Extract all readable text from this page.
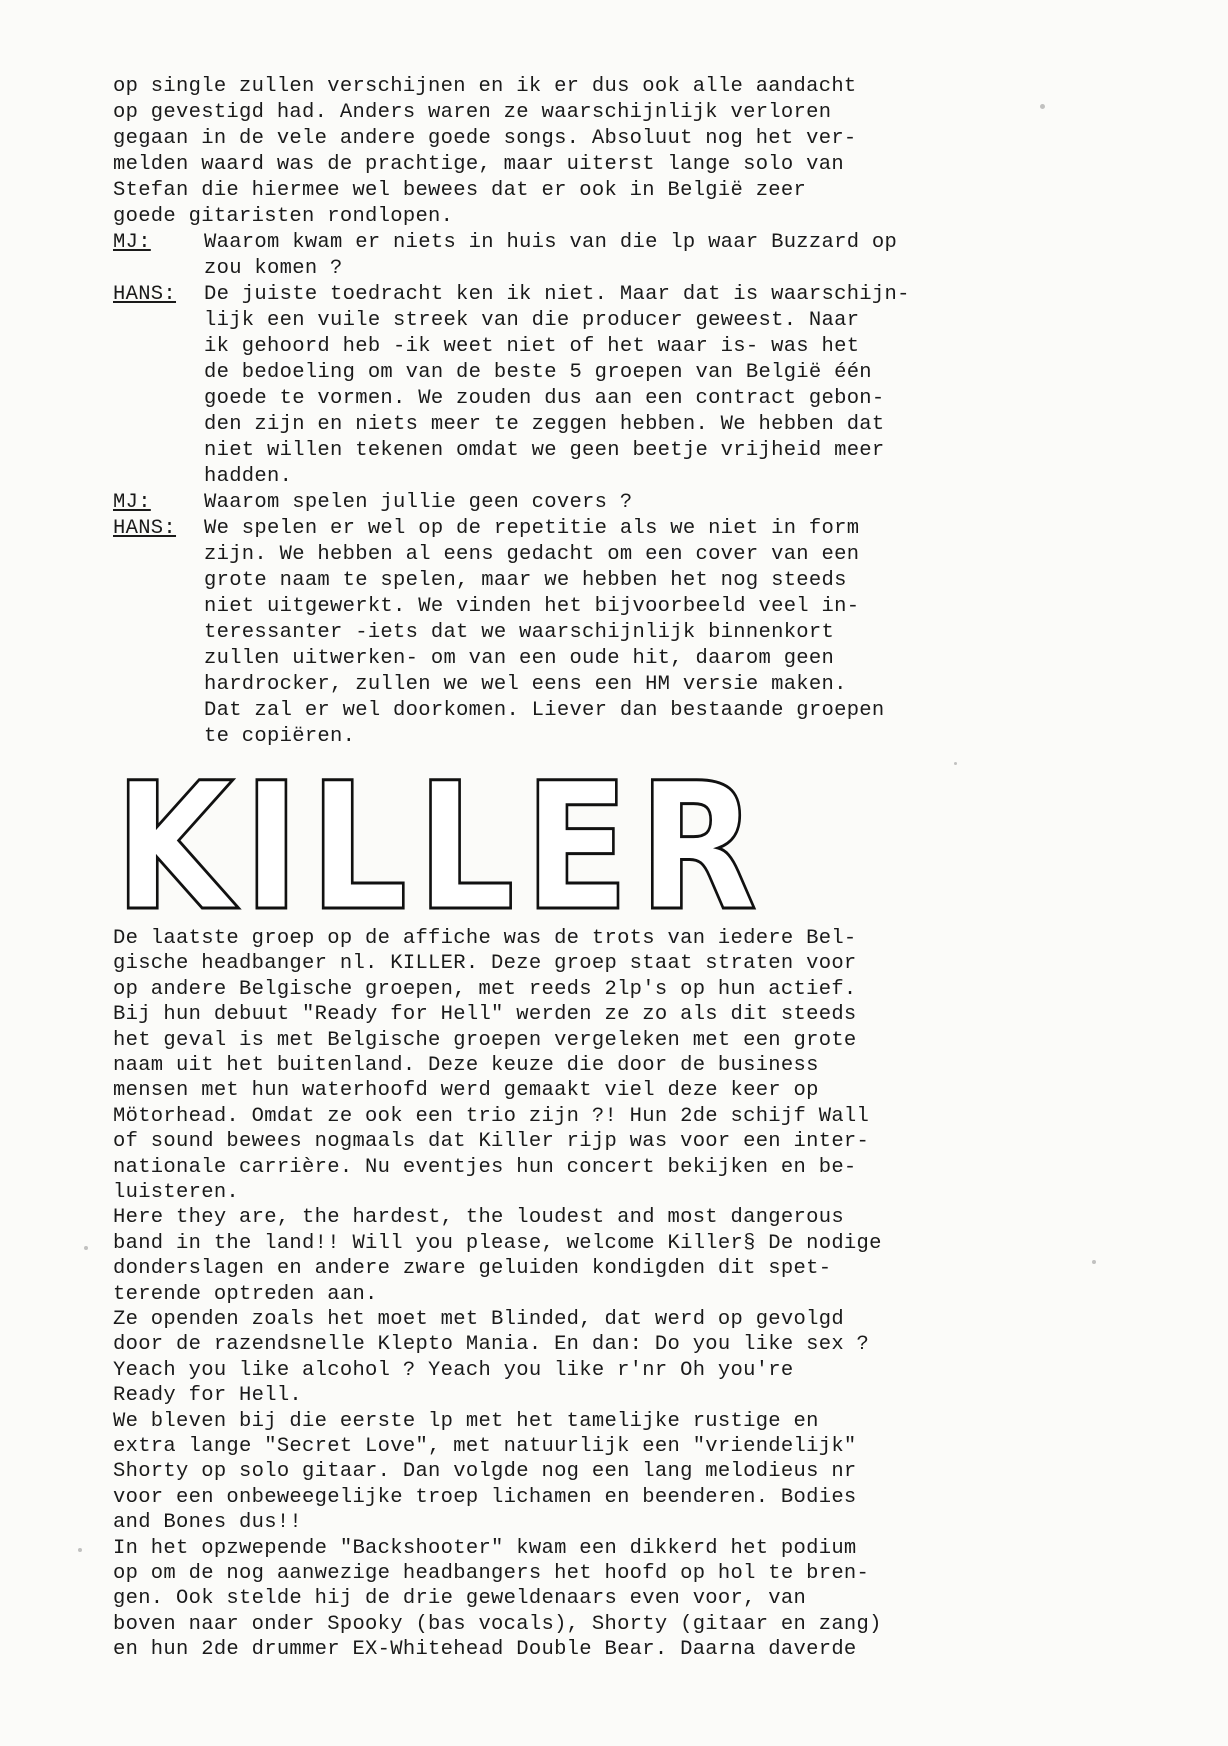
op single zullen verschijnen en ik er dus ook alle aandacht
op gevestigd had. Anders waren ze waarschijnlijk verloren
gegaan in de vele andere goede songs. Absoluut nog het ver-
melden waard was de prachtige, maar uiterst lange solo van
Stefan die hiermee wel bewees dat er ook in België zeer
goede gitaristen rondlopen.
MJ:	Waarom kwam er niets in huis van die lp waar Buzzard op
zou komen ?
HANS: De juiste toedracht ken ik niet. Maar dat is waarschijn-
lijk een vuile streek van die producer geweest. Naar
ik gehoord heb -ik weet niet of het waar is- was het
de bedoeling om van de beste 5 groepen van België één
goede te vormen. We zouden dus aan een contract gebon-
den zijn en niets meer te zeggen hebben. We hebben dat
niet willen tekenen omdat we geen beetje vrijheid meer
hadden.
MJ:	Waarom spelen jullie geen covers ?
HANS: We spelen er wel op de repetitie als we niet in form
zijn. We hebben al eens gedacht om een cover van een
grote naam te spelen, maar we hebben het nog steeds
niet uitgewerkt. We vinden het bijvoorbeeld veel in-
teressanter -iets dat we waarschijnlijk binnenkort
zullen uitwerken- om van een oude hit, daarom geen
hardrocker, zullen we wel eens een HM versie maken.
Dat zal er wel doorkomen. Liever dan bestaande groepen
te copiëren.
KILLER
De laatste groep op de affiche was de trots van iedere Bel-
gische headbanger nl. KILLER. Deze groep staat straten voor
op andere Belgische groepen, met reeds 2lp's op hun actief.
Bij hun debuut "Ready for Hell" werden ze zo als dit steeds
het geval is met Belgische groepen vergeleken met een grote
naam uit het buitenland. Deze keuze die door de business
mensen met hun waterhoofd werd gemaakt viel deze keer op
Mötorhead. Omdat ze ook een trio zijn ?! Hun 2de schijf Wall
of sound bewees nogmaals dat Killer rijp was voor een inter-
nationale carrière. Nu eventjes hun concert bekijken en be-
luisteren.
Here they are, the hardest, the loudest and most dangerous
band in the land!! Will you please, welcome Killer§ De nodige
donderslagen en andere zware geluiden kondigden dit spet-
terende optreden aan.
Ze openden zoals het moet met Blinded, dat werd op gevolgd
door de razendsnelle Klepto Mania. En dan: Do you like sex ?
Yeach you like alcohol ? Yeach you like r'nr Oh you're
Ready for Hell.
We bleven bij die eerste lp met het tamelijke rustige en
extra lange "Secret Love", met natuurlijk een "vriendelijk"
Shorty op solo gitaar. Dan volgde nog een lang melodieus nr
voor een onbeweegelijke troep lichamen en beenderen. Bodies
and Bones dus!!
In het opzwepende "Backshooter" kwam een dikkerd het podium
op om de nog aanwezige headbangers het hoofd op hol te bren-
gen. Ook stelde hij de drie geweldenaars even voor, van
boven naar onder Spooky (bas vocals), Shorty (gitaar en zang)
en hun 2de drummer EX-Whitehead Double Bear. Daarna daverde
